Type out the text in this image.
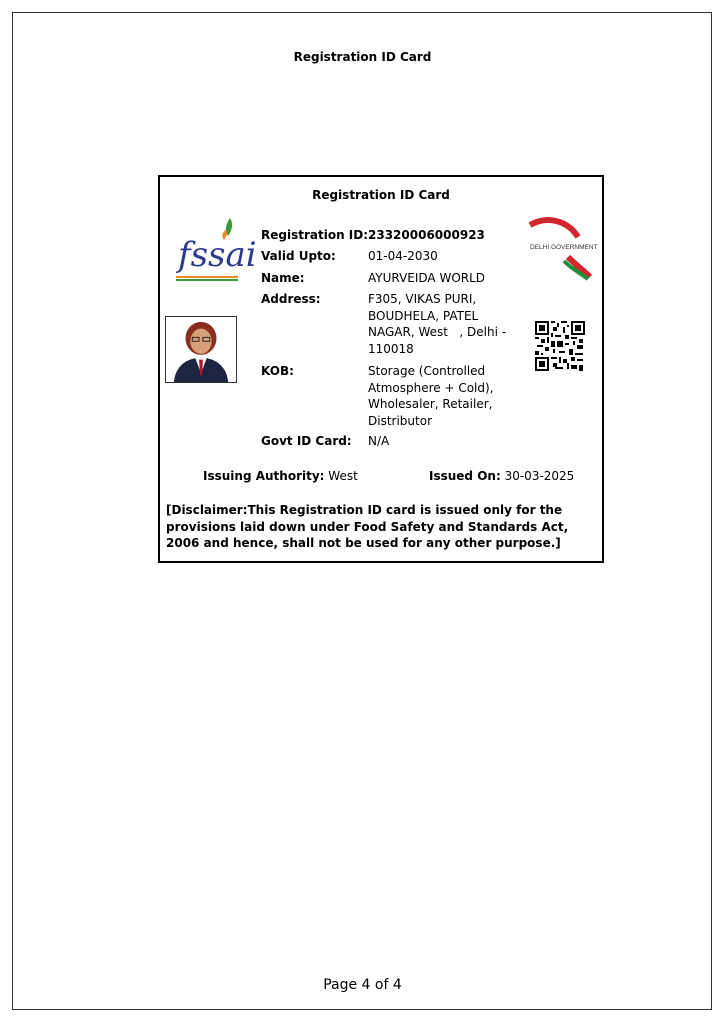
Registration ID Card
Registration ID Card
fssai	DELHI GOVERNMENT
Registration ID: 23320006000923
Valid Upto:	01-04-2030
Name:	AYURVEIDA WORLD
Address:	F305, VIKAS PURI, BOUDHELA, PATEL NAGAR, West   , Delhi - 110018
KOB:	Storage (Controlled Atmosphere + Cold), Wholesaler, Retailer, Distributor
Govt ID Card: N/A
Issuing Authority: West	Issued On: 30-03-2025
[Disclaimer:This Registration ID card is issued only for the provisions laid down under Food Safety and Standards Act, 2006 and hence, shall not be used for any other purpose.]
Page 4 of 4
